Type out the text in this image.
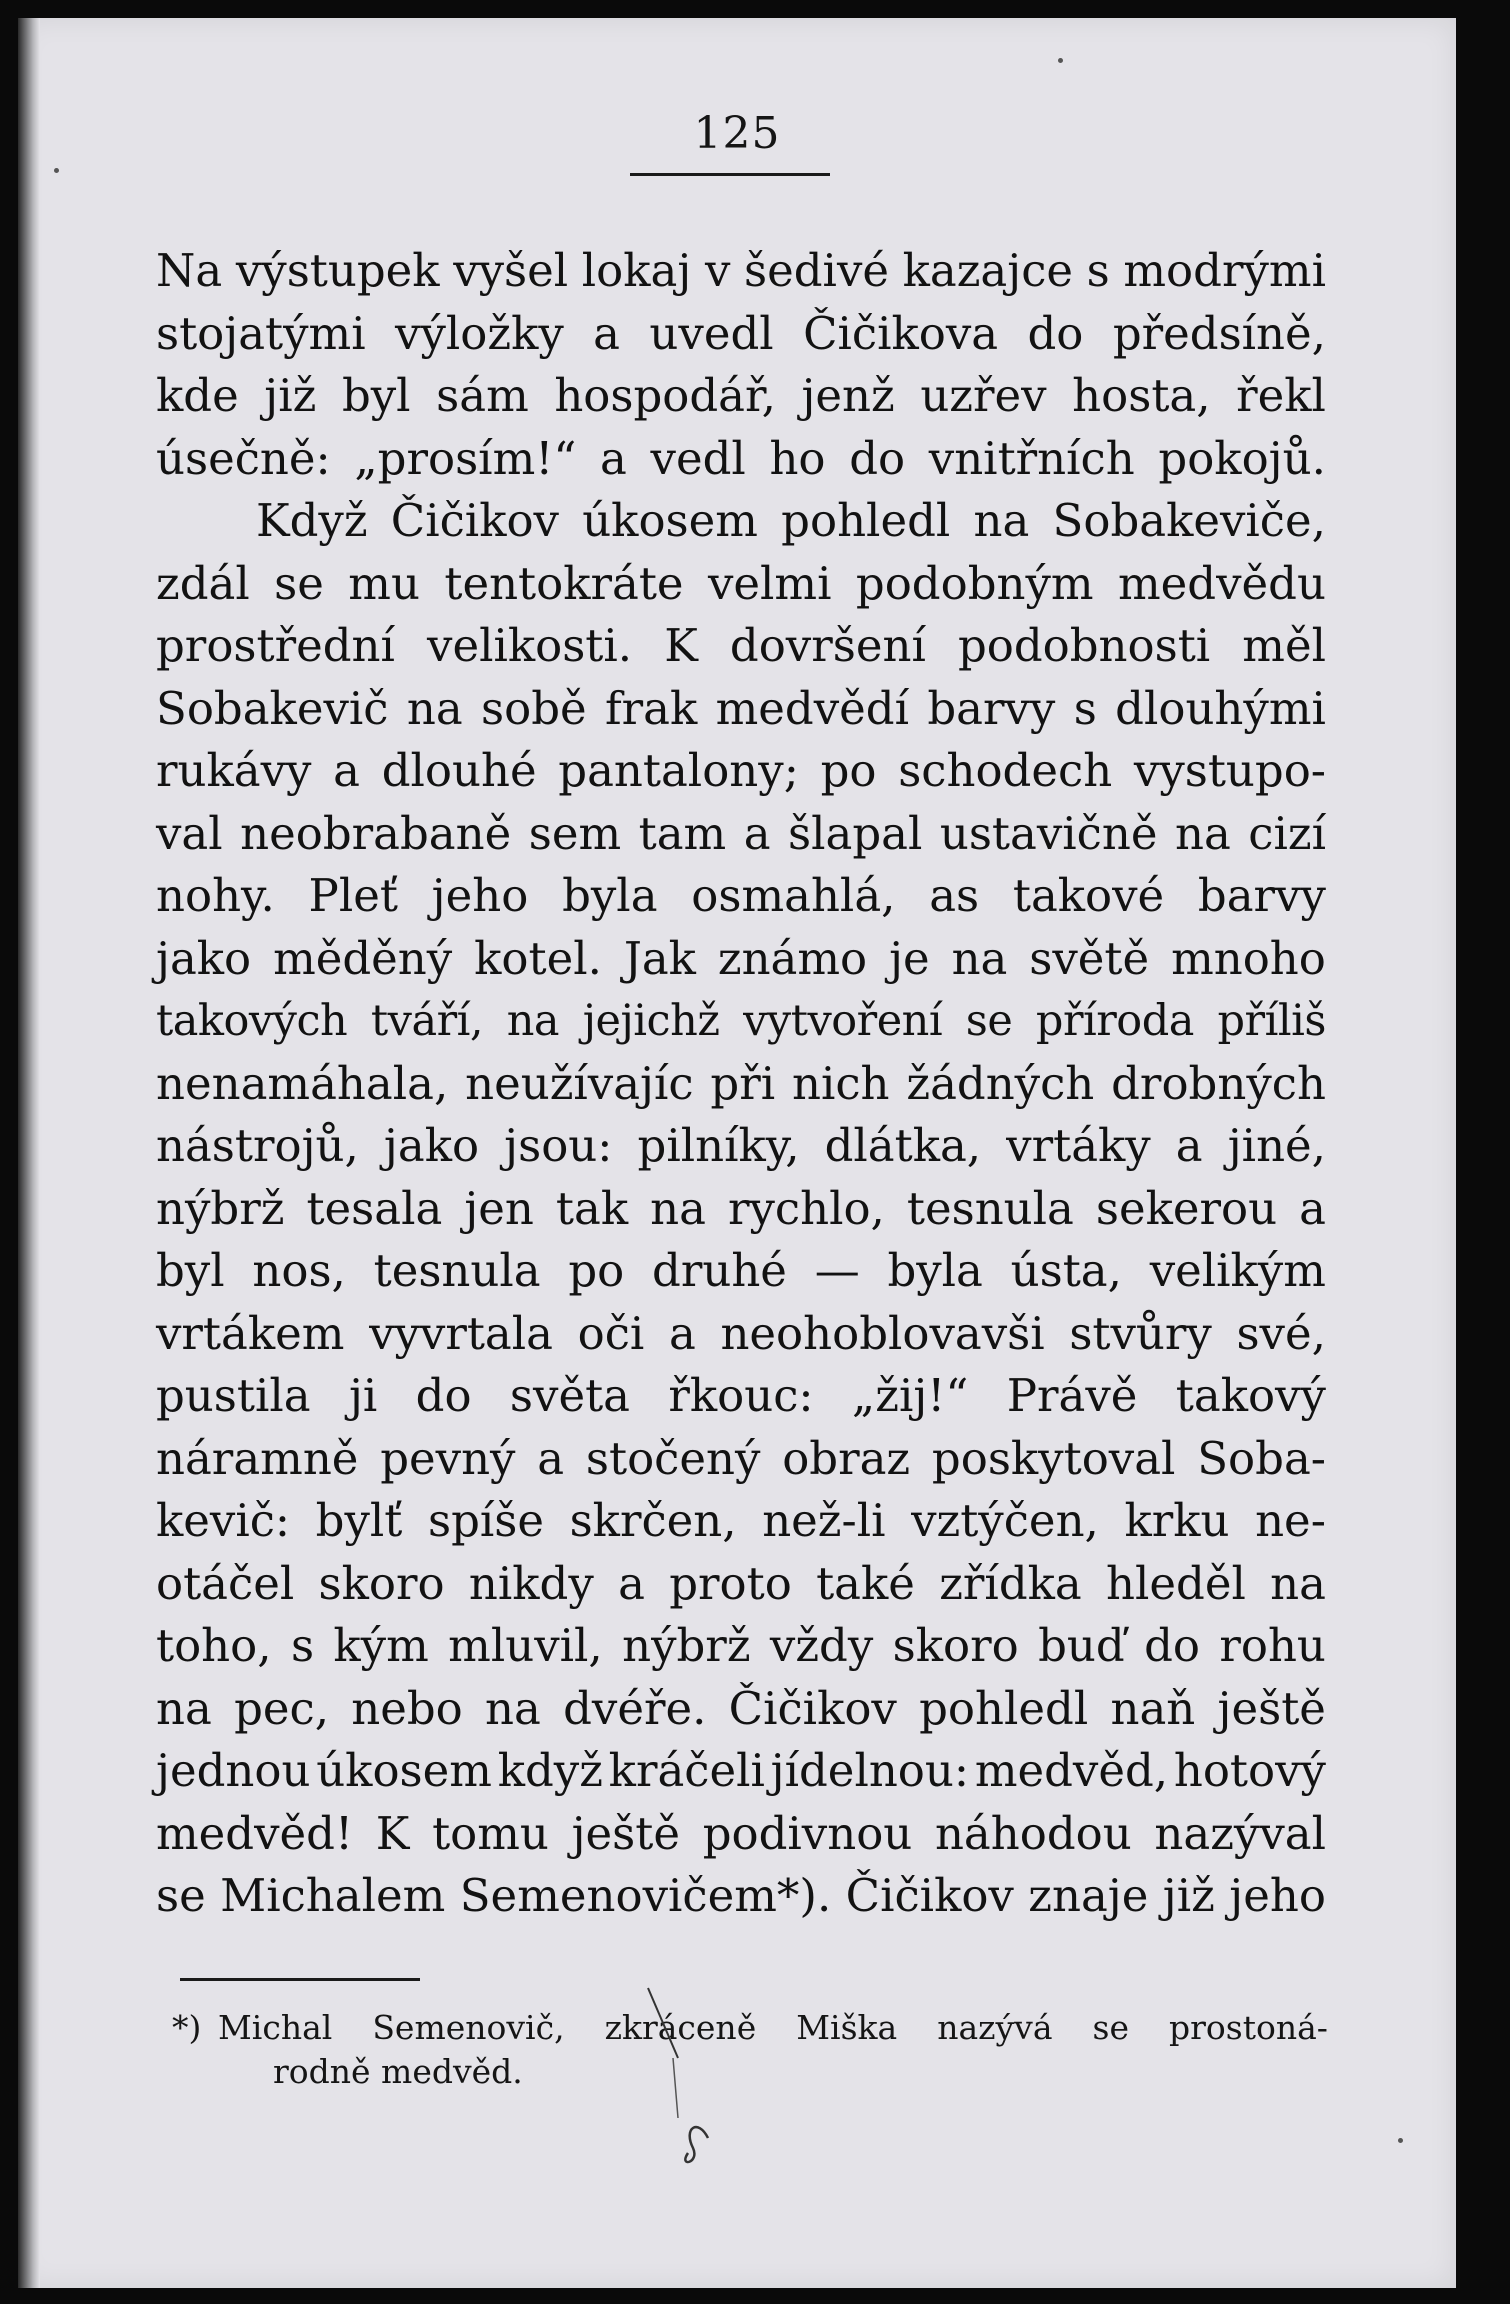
125
Na výstupek vyšel lokaj v šedivé kazajce s modrými
stojatými výložky a uvedl Čičikova do předsíně,
kde již byl sám hospodář, jenž uzřev hosta, řekl
úsečně: „prosím!“ a vedl ho do vnitřních pokojů.
Když Čičikov úkosem pohledl na Sobakeviče,
zdál se mu tentokráte velmi podobným medvědu
prostřední velikosti. K dovršení podobnosti měl
Sobakevič na sobě frak medvědí barvy s dlouhými
rukávy a dlouhé pantalony; po schodech vystupo-
val neobrabaně sem tam a šlapal ustavičně na cizí
nohy. Pleť jeho byla osmahlá, as takové barvy
jako měděný kotel. Jak známo je na světě mnoho
takových tváří, na jejichž vytvoření se příroda příliš
nenamáhala, neužívajíc při nich žádných drobných
nástrojů, jako jsou: pilníky, dlátka, vrtáky a jiné,
nýbrž tesala jen tak na rychlo, tesnula sekerou a
byl nos, tesnula po druhé — byla ústa, velikým
vrtákem vyvrtala oči a neohoblovavši stvůry své,
pustila ji do světa řkouc: „žij!“ Právě takový
náramně pevný a stočený obraz poskytoval Soba-
kevič: bylť spíše skrčen, než-li vztýčen, krku ne-
otáčel skoro nikdy a proto také zřídka hleděl na
toho, s kým mluvil, nýbrž vždy skoro buď do rohu
na pec, nebo na dvéře. Čičikov pohledl naň ještě
jednou úkosem když kráčeli jídelnou: medvěd, hotový
medvěd! K tomu ještě podivnou náhodou nazýval
se Michalem Semenovičem*). Čičikov znaje již jeho
*) Michal Semenovič, zkráceně Miška nazývá se prostoná-
rodně medvěd.
